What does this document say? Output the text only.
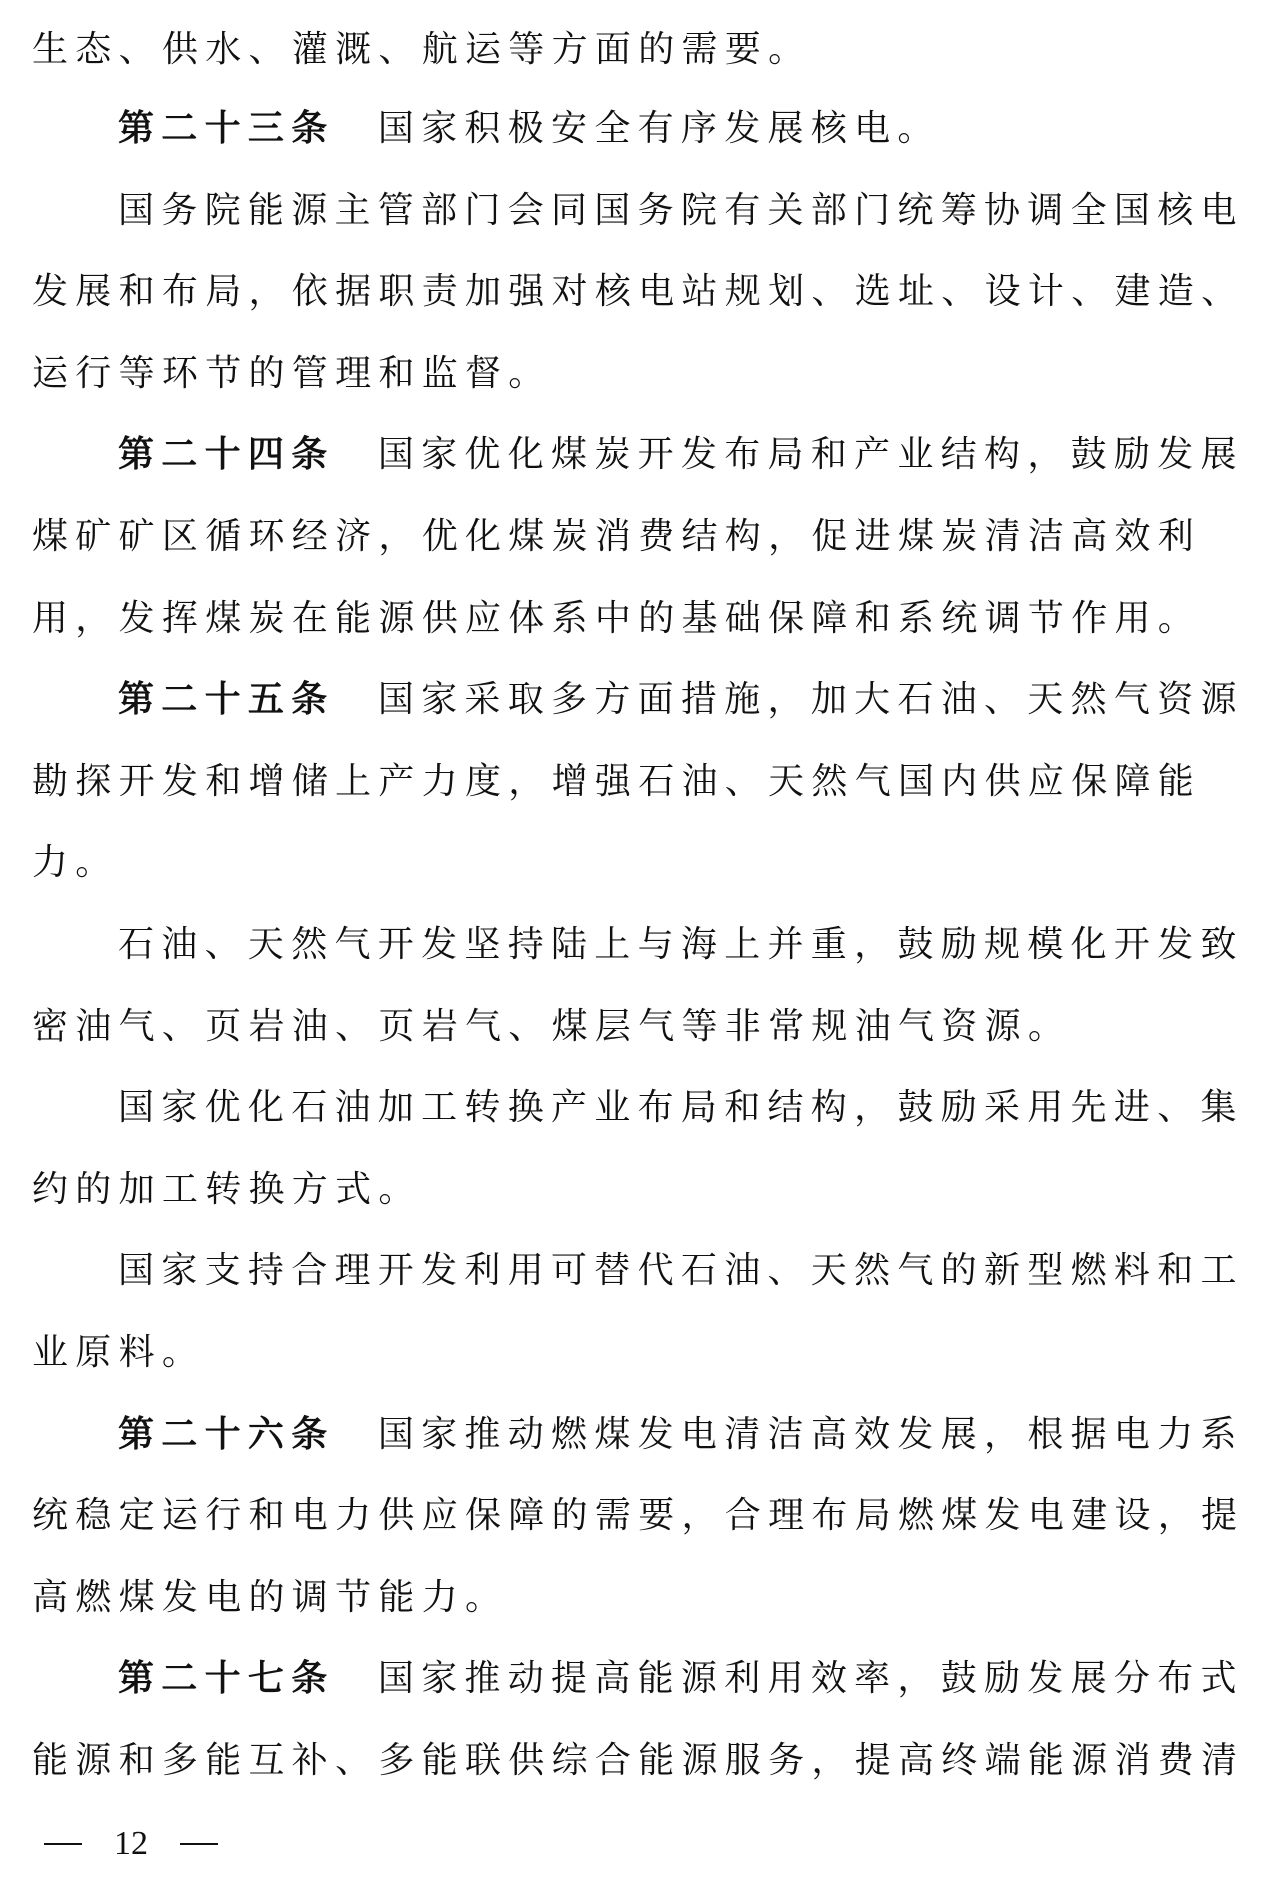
生态、供水、灌溉、航运等方面的需要。
第二十三条　 国家积极安全有序发展核电。
国务院能源主管部门会同国务院有关部门统筹协调全国核电
发展和布局，依据职责加强对核电站规划、选址、设计、建造、
运行等环节的管理和监督。
第二十四条　 国家优化煤炭开发布局和产业结构，鼓励发展
煤矿矿区循环经济，优化煤炭消费结构，促进煤炭清洁高效利
用，发挥煤炭在能源供应体系中的基础保障和系统调节作用。
第二十五条　 国家采取多方面措施，加大石油、天然气资源
勘探开发和增储上产力度，增强石油、天然气国内供应保障能
力。
石油、天然气开发坚持陆上与海上并重，鼓励规模化开发致
密油气、页岩油、页岩气、煤层气等非常规油气资源。
国家优化石油加工转换产业布局和结构，鼓励采用先进、集
约的加工转换方式。
国家支持合理开发利用可替代石油、天然气的新型燃料和工
业原料。
第二十六条　 国家推动燃煤发电清洁高效发展，根据电力系
统稳定运行和电力供应保障的需要，合理布局燃煤发电建设，提
高燃煤发电的调节能力。
第二十七条　 国家推动提高能源利用效率，鼓励发展分布式
能源和多能互补、多能联供综合能源服务，提高终端能源消费清
12
